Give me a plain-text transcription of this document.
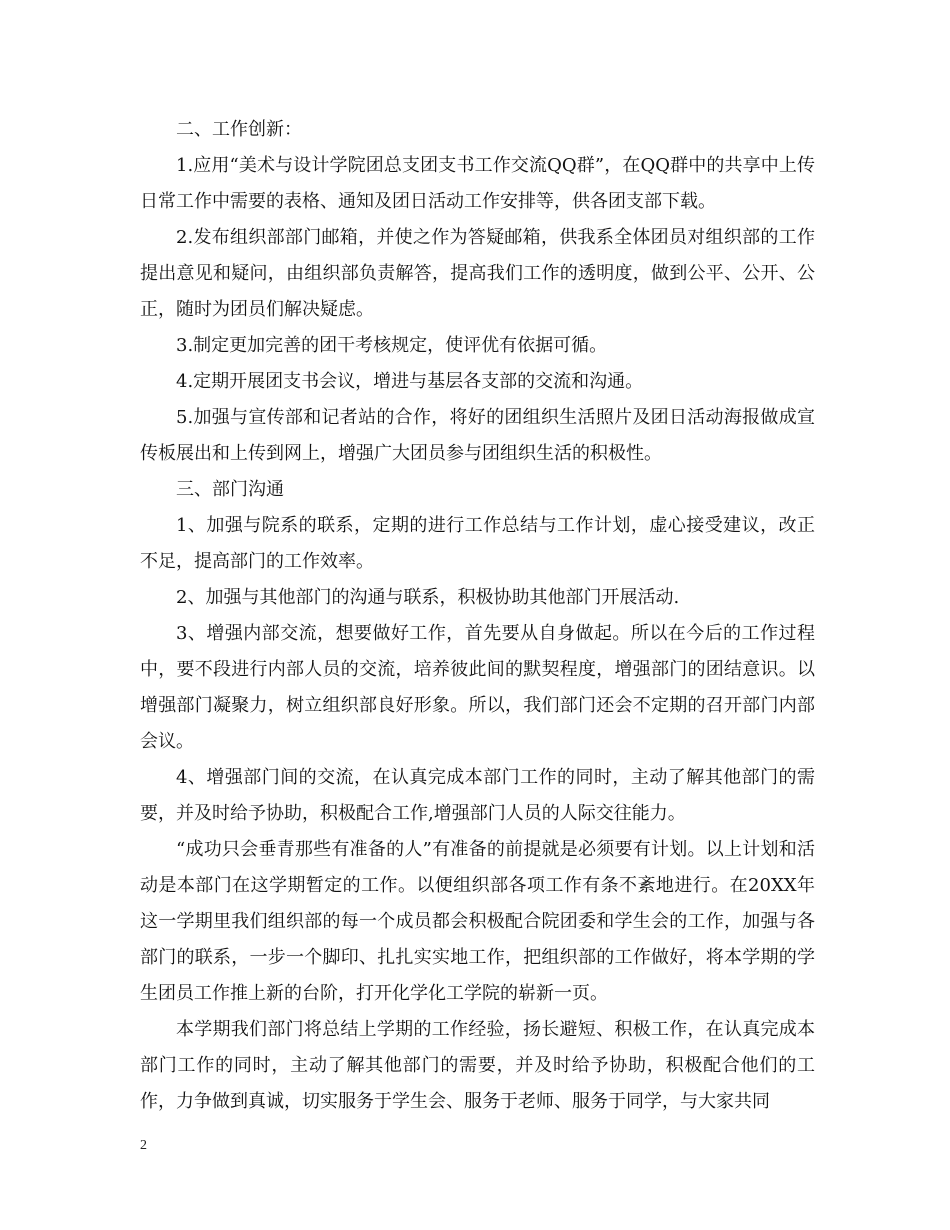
二、工作创新：

1.应用“美术与设计学院团总支团支书工作交流QQ群”，在QQ群中的共享中上传日常工作中需要的表格、通知及团日活动工作安排等，供各团支部下载。

2.发布组织部部门邮箱，并使之作为答疑邮箱，供我系全体团员对组织部的工作提出意见和疑问，由组织部负责解答，提高我们工作的透明度，做到公平、公开、公正，随时为团员们解决疑虑。

3.制定更加完善的团干考核规定，使评优有依据可循。

4.定期开展团支书会议，增进与基层各支部的交流和沟通。

5.加强与宣传部和记者站的合作，将好的团组织生活照片及团日活动海报做成宣传板展出和上传到网上，增强广大团员参与团组织生活的积极性。

三、部门沟通

1、加强与院系的联系，定期的进行工作总结与工作计划，虚心接受建议，改正不足，提高部门的工作效率。

2、加强与其他部门的沟通与联系，积极协助其他部门开展活动.

3、增强内部交流，想要做好工作，首先要从自身做起。所以在今后的工作过程中，要不段进行内部人员的交流，培养彼此间的默契程度，增强部门的团结意识。以增强部门凝聚力，树立组织部良好形象。所以，我们部门还会不定期的召开部门内部会议。

4、增强部门间的交流，在认真完成本部门工作的同时，主动了解其他部门的需要，并及时给予协助，积极配合工作,增强部门人员的人际交往能力。

“成功只会垂青那些有准备的人”有准备的前提就是必须要有计划。以上计划和活动是本部门在这学期暂定的工作。以便组织部各项工作有条不紊地进行。在20XX年这一学期里我们组织部的每一个成员都会积极配合院团委和学生会的工作，加强与各部门的联系，一步一个脚印、扎扎实实地工作，把组织部的工作做好，将本学期的学生团员工作推上新的台阶，打开化学化工学院的崭新一页。

本学期我们部门将总结上学期的工作经验，扬长避短、积极工作，在认真完成本部门工作的同时，主动了解其他部门的需要，并及时给予协助，积极配合他们的工作，力争做到真诚，切实服务于学生会、服务于老师、服务于同学，与大家共同

2
